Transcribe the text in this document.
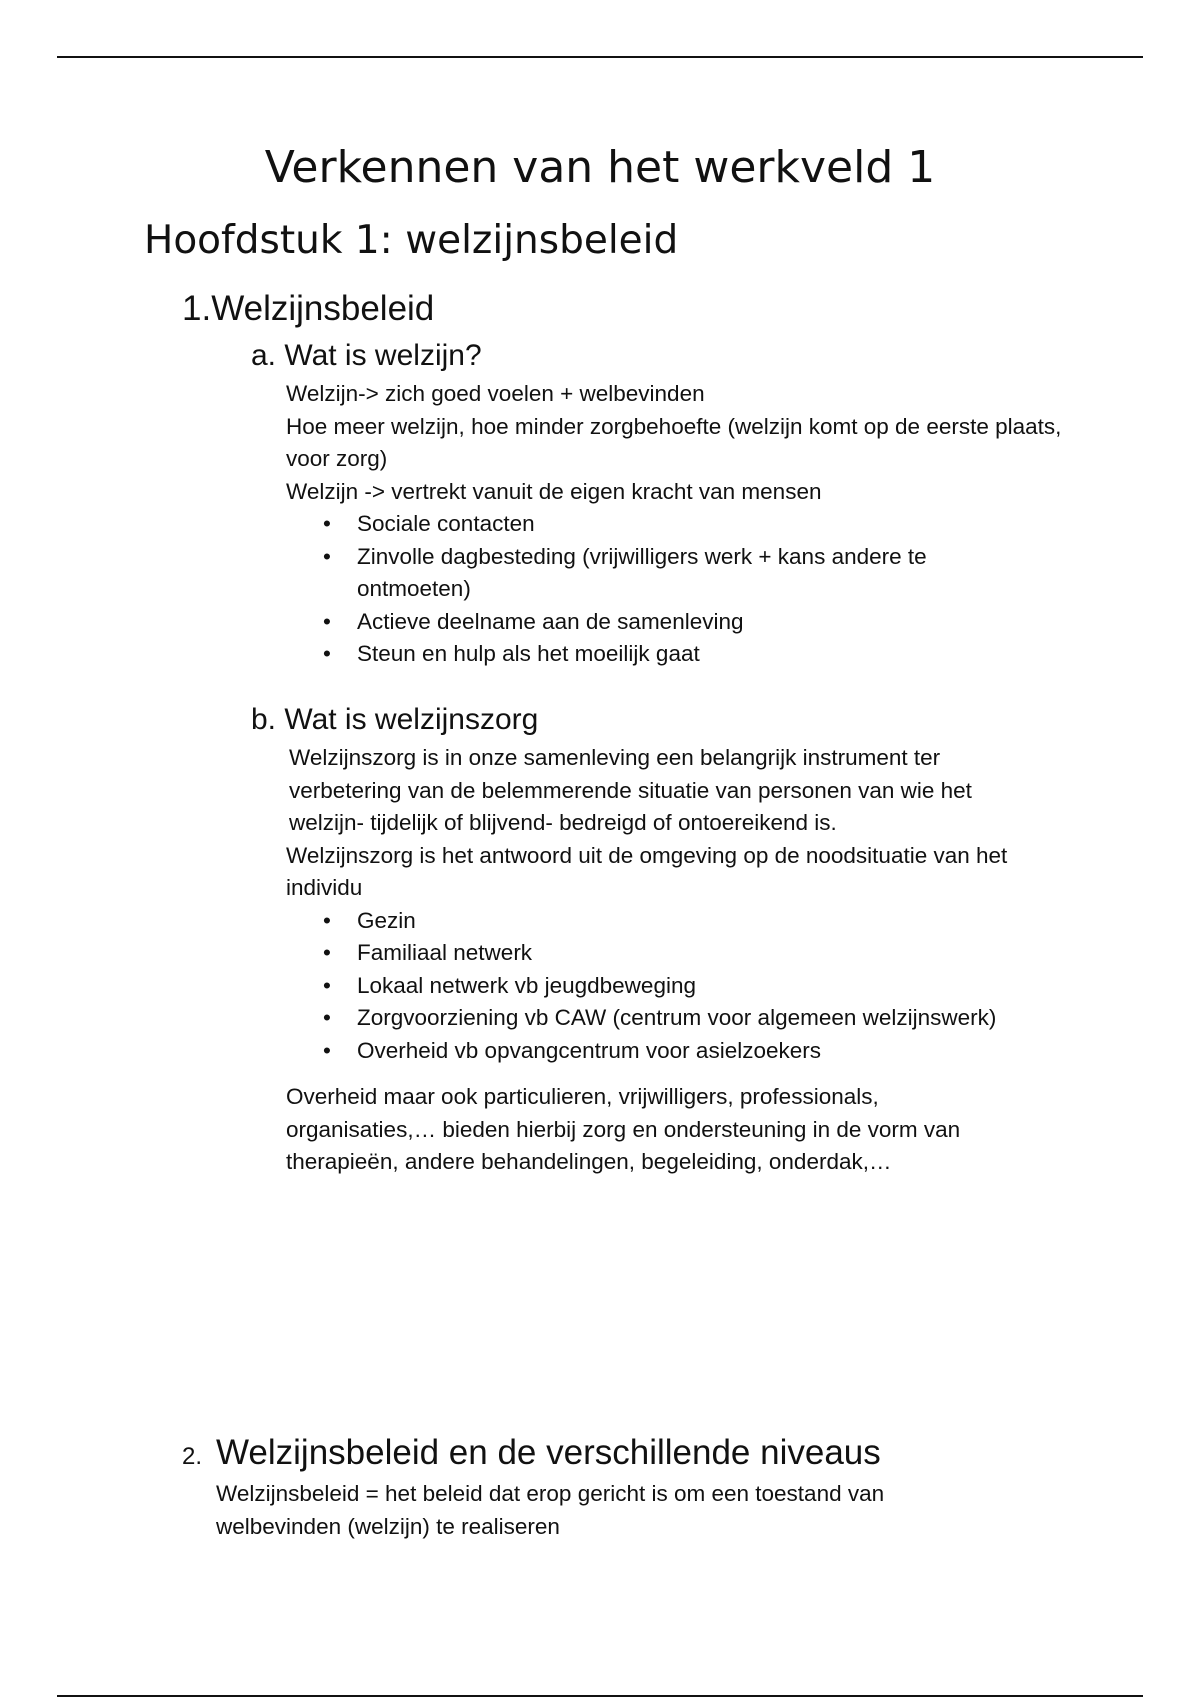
Verkennen van het werkveld 1
Hoofdstuk 1: welzijnsbeleid
1.Welzijnsbeleid
a. Wat is welzijn?

Welzijn-> zich goed voelen + welbevinden

Hoe meer welzijn, hoe minder zorgbehoefte (welzijn komt op de eerste plaats, voor zorg)

Welzijn -> vertrekt vanuit de eigen kracht van mensen

• Sociale contacten
• Zinvolle dagbesteding (vrijwilligers werk + kans andere te ontmoeten)
• Actieve deelname aan de samenleving
• Steun en hulp als het moeilijk gaat
b. Wat is welzijnszorg

Welzijnszorg is in onze samenleving een belangrijk instrument ter verbetering van de belemmerende situatie van personen van wie het welzijn- tijdelijk of blijvend- bedreigd of ontoereikend is.

Welzijnszorg is het antwoord uit de omgeving op de noodsituatie van het individu

• Gezin
• Familiaal netwerk
• Lokaal netwerk vb jeugdbeweging
• Zorgvoorziening vb CAW (centrum voor algemeen welzijnswerk)
• Overheid vb opvangcentrum voor asielzoekers

Overheid maar ook particulieren, vrijwilligers, professionals, organisaties,… bieden hierbij zorg en ondersteuning in de vorm van therapieën, andere behandelingen, begeleiding, onderdak,…

2. Welzijnsbeleid en de verschillende niveaus

Welzijnsbeleid = het beleid dat erop gericht is om een toestand van welbevinden (welzijn) te realiseren
